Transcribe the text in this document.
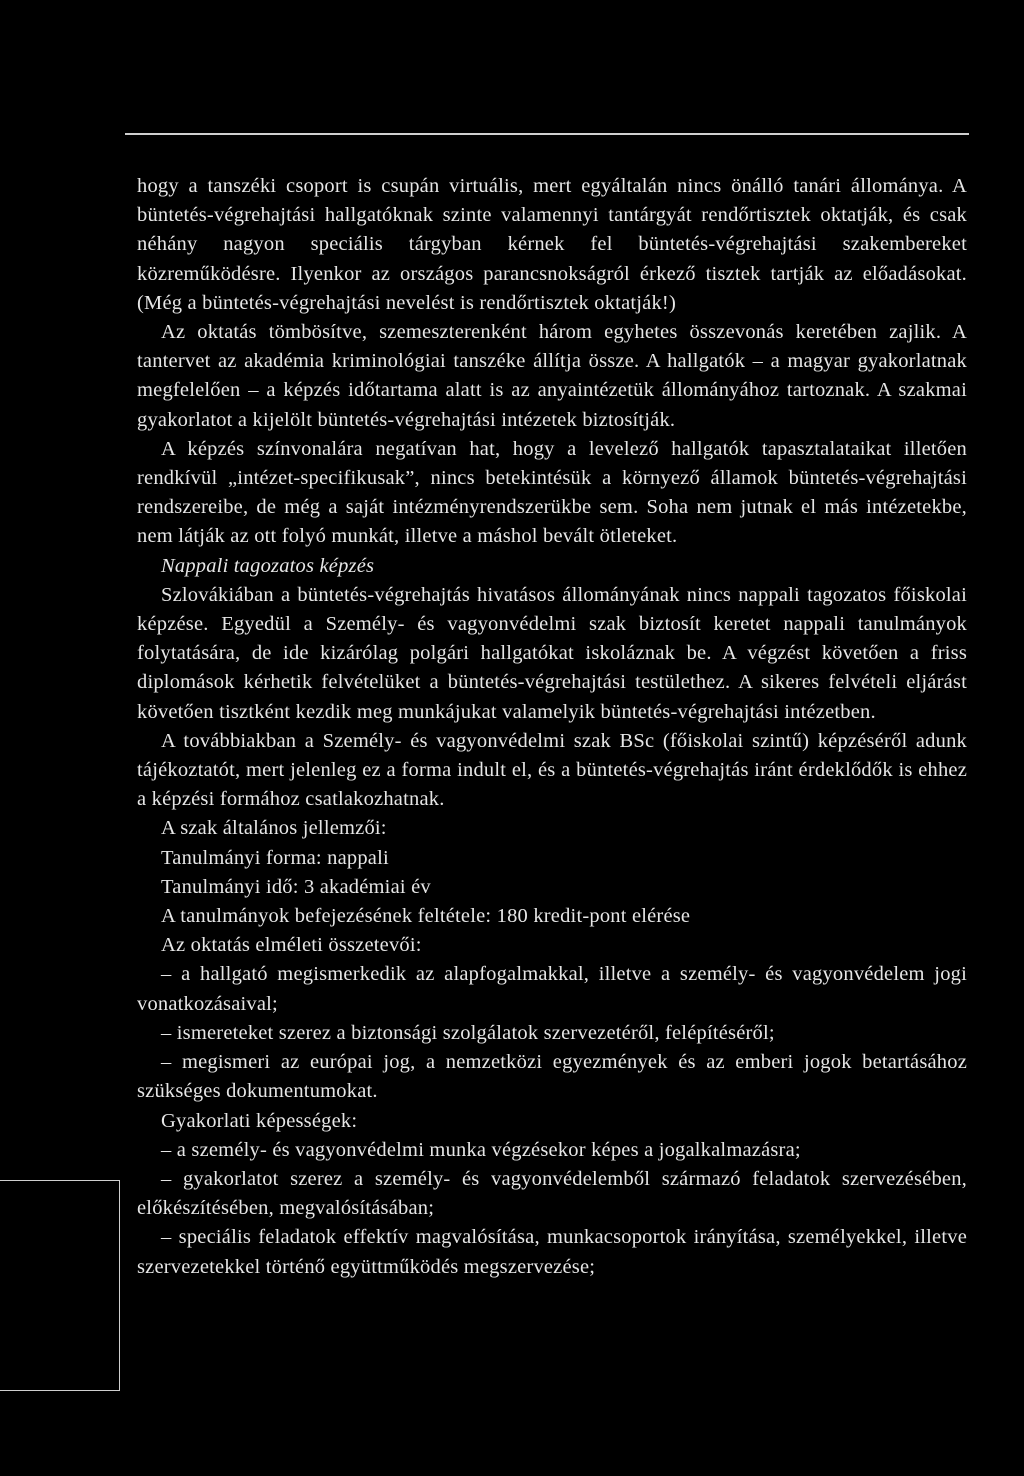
hogy a tanszéki csoport is csupán virtuális, mert egyáltalán nincs önálló tanári állománya. A büntetés-végrehajtási hallgatóknak szinte valamennyi tantárgyát rendőrtisztek oktatják, és csak néhány nagyon speciális tárgyban kérnek fel büntetés-végrehajtási szakembereket közreműködésre. Ilyenkor az országos parancsnokságról érkező tisztek tartják az előadásokat. (Még a büntetés-végrehajtási nevelést is rendőrtisztek oktatják!)

Az oktatás tömbösítve, szemeszterenként három egyhetes összevonás keretében zajlik. A tantervet az akadémia kriminológiai tanszéke állítja össze. A hallgatók – a magyar gyakorlatnak megfelelően – a képzés időtartama alatt is az anyaintézetük állományához tartoznak. A szakmai gyakorlatot a kijelölt büntetés-végrehajtási intézetek biztosítják.

A képzés színvonalára negatívan hat, hogy a levelező hallgatók tapasztalataikat illetően rendkívül „intézet-specifikusak”, nincs betekintésük a környező államok büntetés-végrehajtási rendszereibe, de még a saját intézményrendszerükbe sem. Soha nem jutnak el más intézetekbe, nem látják az ott folyó munkát, illetve a máshol bevált ötleteket.

Nappali tagozatos képzés

Szlovákiában a büntetés-végrehajtás hivatásos állományának nincs nappali tagozatos főiskolai képzése. Egyedül a Személy- és vagyonvédelmi szak biztosít keretet nappali tanulmányok folytatására, de ide kizárólag polgári hallgatókat iskoláznak be. A végzést követően a friss diplomások kérhetik felvételüket a büntetés-végrehajtási testülethez. A sikeres felvételi eljárást követően tisztként kezdik meg munkájukat valamelyik büntetés-végrehajtási intézetben.

A továbbiakban a Személy- és vagyonvédelmi szak BSc (főiskolai szintű) képzéséről adunk tájékoztatót, mert jelenleg ez a forma indult el, és a büntetés-végrehajtás iránt érdeklődők is ehhez a képzési formához csatlakozhatnak.

A szak általános jellemzői:

Tanulmányi forma: nappali

Tanulmányi idő: 3 akadémiai év

A tanulmányok befejezésének feltétele: 180 kredit-pont elérése

Az oktatás elméleti összetevői:

– a hallgató megismerkedik az alapfogalmakkal, illetve a személy- és vagyonvédelem jogi vonatkozásaival;

– ismereteket szerez a biztonsági szolgálatok szervezetéről, felépítéséről;

– megismeri az európai jog, a nemzetközi egyezmények és az emberi jogok betartásához szükséges dokumentumokat.

Gyakorlati képességek:

– a személy- és vagyonvédelmi munka végzésekor képes a jogalkalmazásra;

– gyakorlatot szerez a személy- és vagyonvédelemből származó feladatok szervezésében, előkészítésében, megvalósításában;

– speciális feladatok effektív magvalósítása, munkacsoportok irányítása, személyekkel, illetve szervezetekkel történő együttműködés megszervezése;
